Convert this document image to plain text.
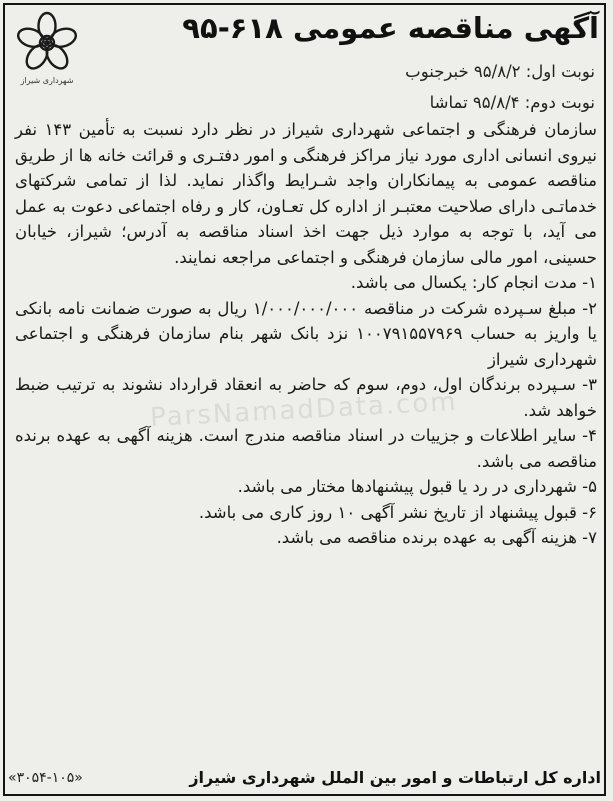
شهرداری شیراز
آگهی مناقصه عمومی ۶۱۸-۹۵
نوبت اول: ۹۵/۸/۲ خبرجنوب
نوبت دوم: ۹۵/۸/۴ تماشا
ParsNamadData.com

سازمان فرهنگی و اجتماعی شهرداری شیراز در نظر دارد نسبت به تأمین ۱۴۳ نفر نیروی انسانی اداری مورد نیاز مراکز فرهنگی و امور دفتـری و قرائت خانه ها از طریق مناقصه عمومی به پیمانکاران واجد شـرایط واگذار نماید. لذا از تمامی شرکتهای خدماتـی دارای صلاحیت معتبـر از اداره کل تعـاون، کار و رفاه اجتماعی دعوت به عمل می آید، با توجه به موارد ذیل جهت اخذ اسناد مناقصه به آدرس؛ شیراز، خیابان حسینی، امور مالی سازمان فرهنگی و اجتماعی مراجعه نمایند.

۱- مدت انجام کار: یکسال می باشد.

۲- مبلغ سـپرده شرکت در مناقصه ۱/۰۰۰/۰۰۰/۰۰۰ ریال به صورت ضمانت نامه بانکی یا واریز به حساب ۱۰۰۷۹۱۵۵۷۹۶۹ نزد بانک شهر بنام سازمان فرهنگی و اجتماعی شهرداری شیراز

۳- سـپرده برندگان اول، دوم، سوم که حاضر به انعقاد قرارداد نشوند به ترتیب ضبط خواهد شد.

۴- سایر اطلاعات و جزییات در اسناد مناقصه مندرج است. هزینه آگهی به عهده برنده مناقصه می باشد.

۵- شهرداری در رد یا قبول پیشنهادها مختار می باشد.

۶- قبول پیشنهاد از تاریخ نشر آگهی ۱۰ روز کاری می باشد.

۷- هزینه آگهی به عهده برنده مناقصه می باشد.

اداره کل ارتباطات و امور بین الملل شهرداری شیراز
«۳۰۵۴-۱۰۵»
